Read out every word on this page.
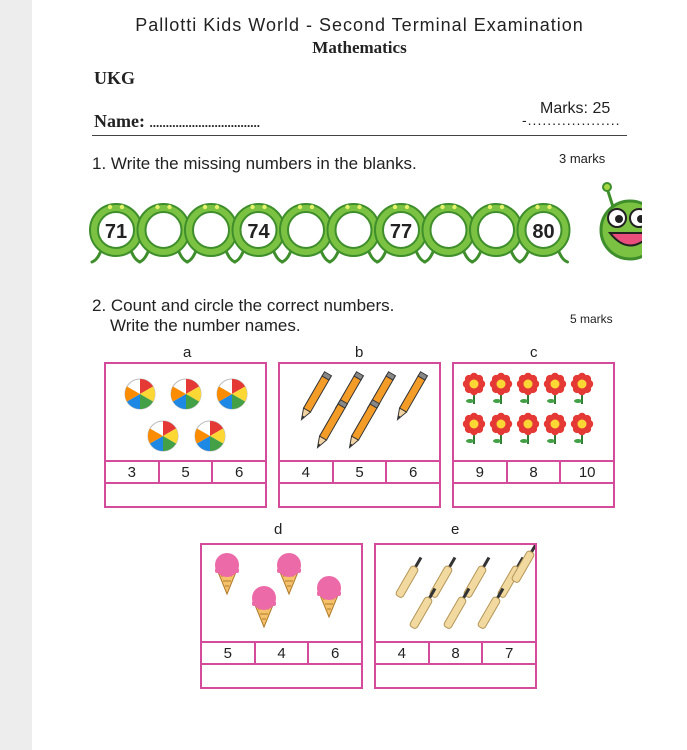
Pallotti Kids World - Second Terminal Examination
Mathematics
UKG
Name: ..................................
Marks: 25
-...................
1. Write the missing numbers in the blanks.	3 marks
71	74	77	80
2. Count and circle the correct numbers.
Write the number names.	5 marks
a
3	5	6
b
4	5	6
c
9	8	10
d
5	4	6
e
4	8	7
